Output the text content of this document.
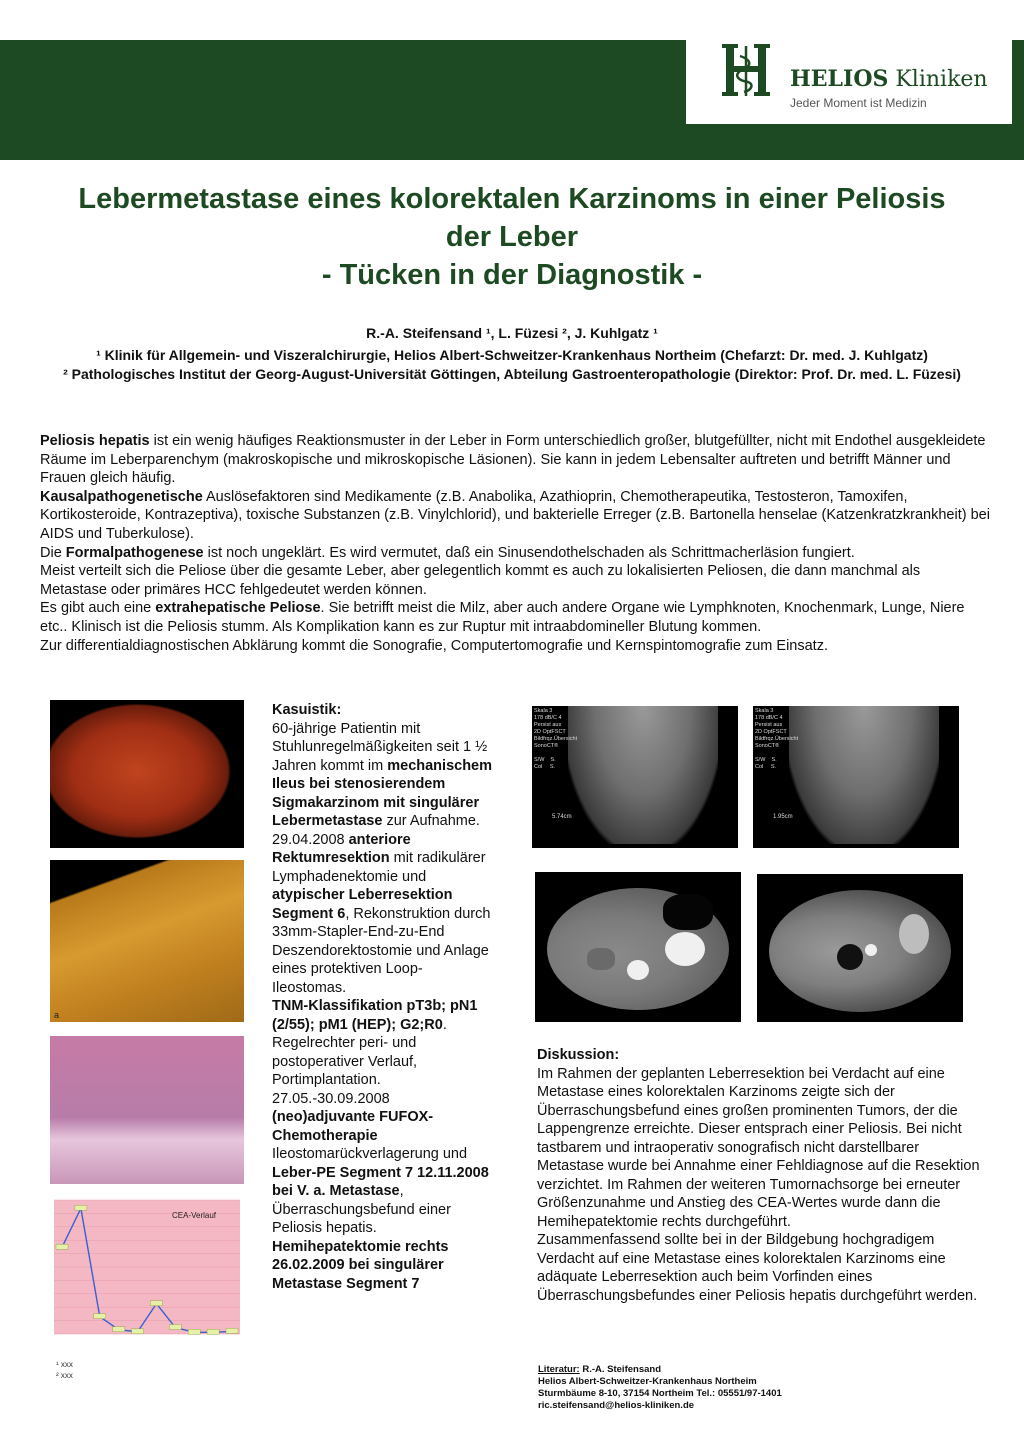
HELIOS Kliniken
Jeder Moment ist Medizin
Lebermetastase eines kolorektalen Karzinoms in einer Peliosis
der Leber
- Tücken in der Diagnostik -
R.-A. Steifensand ¹, L. Füzesi ², J. Kuhlgatz ¹
¹ Klinik für Allgemein- und Viszeralchirurgie, Helios Albert-Schweitzer-Krankenhaus Northeim (Chefarzt: Dr. med. J. Kuhlgatz)
² Pathologisches Institut der Georg-August-Universität Göttingen, Abteilung Gastroenteropathologie (Direktor: Prof. Dr. med. L. Füzesi)

Peliosis hepatis ist ein wenig häufiges Reaktionsmuster in der Leber in Form unterschiedlich großer, blutgefüllter, nicht mit Endothel ausgekleidete Räume im Leberparenchym (makroskopische und mikroskopische Läsionen). Sie kann in jedem Lebensalter auftreten und betrifft Männer und Frauen gleich häufig.

Kausalpathogenetische Auslösefaktoren sind Medikamente (z.B. Anabolika, Azathioprin, Chemotherapeutika, Testosteron, Tamoxifen, Kortikosteroide, Kontrazeptiva), toxische Substanzen (z.B. Vinylchlorid), und bakterielle Erreger (z.B. Bartonella henselae (Katzenkratzkrankheit) bei AIDS und Tuberkulose).

Die Formalpathogenese ist noch ungeklärt. Es wird vermutet, daß ein Sinusendothelschaden als Schrittmacherläsion fungiert.

Meist verteilt sich die Peliose über die gesamte Leber, aber gelegentlich kommt es auch zu lokalisierten Peliosen, die dann manchmal als Metastase oder primäres HCC fehlgedeutet werden können.

Es gibt auch eine extrahepatische Peliose. Sie betrifft meist die Milz, aber auch andere Organe wie Lymphknoten, Knochenmark, Lunge, Niere etc.. Klinisch ist die Peliosis stumm. Als Komplikation kann es zur Ruptur mit intraabdomineller Blutung kommen.

Zur differentialdiagnostischen Abklärung kommt die Sonografie, Computertomografie und Kernspintomografie zum Einsatz.

a
CEA-Verlauf
¹ xxx
² xxx

Kasuistik:

60-jährige Patientin mit Stuhlunregelmäßigkeiten seit 1 ½ Jahren kommt im mechanischem Ileus bei stenosierendem Sigmakarzinom mit singulärer Lebermetastase zur Aufnahme.

29.04.2008 anteriore Rektumresektion mit radikulärer Lymphadenektomie und atypischer Leberresektion Segment 6, Rekonstruktion durch 33mm-Stapler-End-zu-End Deszendorektostomie und Anlage eines protektiven Loop-Ileostomas.

TNM-Klassifikation pT3b; pN1 (2/55); pM1 (HEP); G2;R0. Regelrechter peri- und postoperativer Verlauf, Portimplantation.

27.05.-30.09.2008 (neo)adjuvante FUFOX-Chemotherapie Ileostomarückverlagerung und Leber-PE Segment 7 12.11.2008 bei V. a. Metastase, Überraschungsbefund einer Peliosis hepatis.

Hemihepatektomie rechts 26.02.2009 bei singulärer Metastase Segment 7

Skala 3
178 dB/C 4
Persist aus
2D OptFSCT
Bildfrqz.Übersicht
SonoCT®

S/W    S.
Col     S.
5.74cm
Skala 3
178 dB/C 4
Persist aus
2D OptFSCT
Bildfrqz.Übersicht
SonoCT®

S/W    S.
Col     S.
1.95cm

Diskussion:

Im Rahmen der geplanten Leberresektion bei Verdacht auf eine Metastase eines kolorektalen Karzinoms zeigte sich der Überraschungsbefund eines großen prominenten Tumors, der die Lappengrenze erreichte. Dieser entsprach einer Peliosis. Bei nicht tastbarem und intraoperativ sonografisch nicht darstellbarer Metastase wurde bei Annahme einer Fehldiagnose auf die Resektion verzichtet. Im Rahmen der weiteren Tumornachsorge bei erneuter Größenzunahme und Anstieg des CEA-Wertes wurde dann die Hemihepatektomie rechts durchgeführt.

Zusammenfassend sollte bei in der Bildgebung hochgradigem Verdacht auf eine Metastase eines kolorektalen Karzinoms eine adäquate Leberresektion auch beim Vorfinden eines Überraschungsbefundes einer Peliosis hepatis durchgeführt werden.

Literatur: R.-A. Steifensand
Helios Albert-Schweitzer-Krankenhaus Northeim
Sturmbäume 8-10, 37154 Northeim Tel.: 05551/97-1401
ric.steifensand@helios-kliniken.de
